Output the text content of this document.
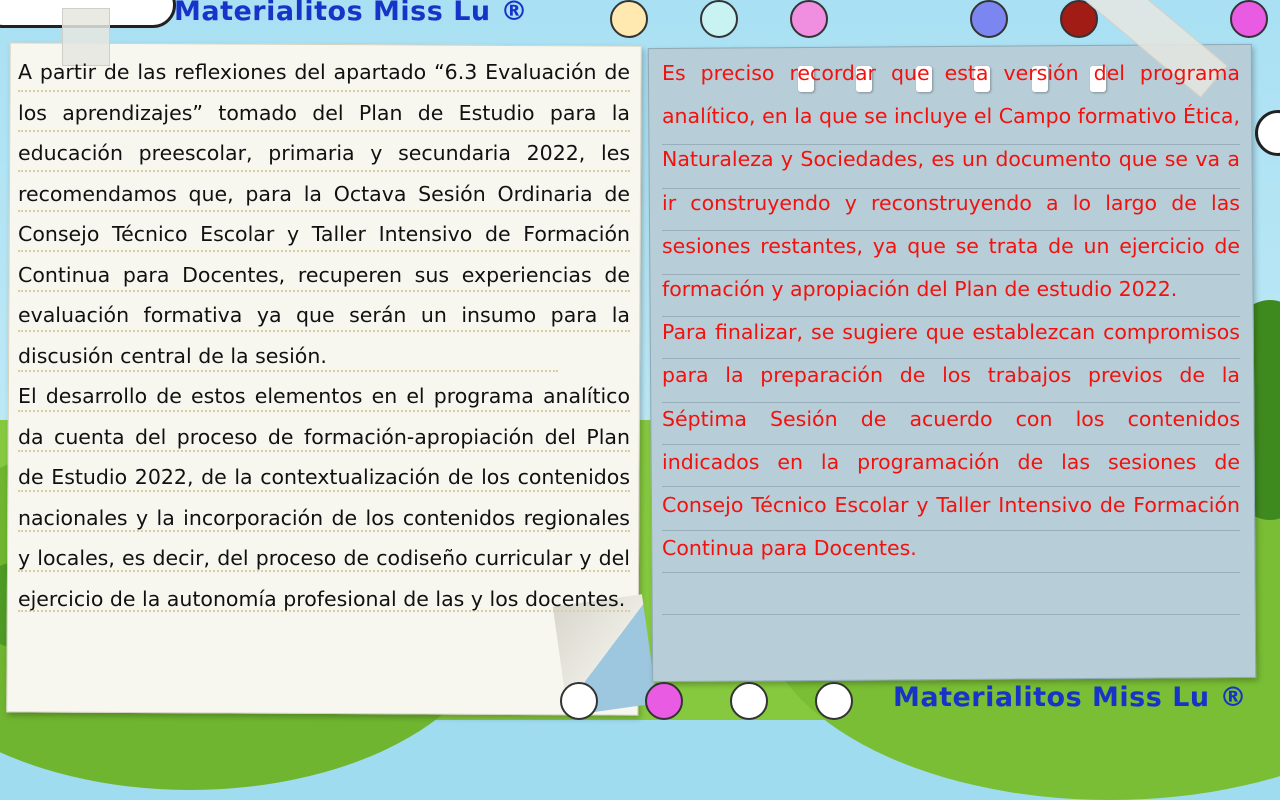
Materialitos Miss Lu ®

A partir de las reflexiones del apartado “6.3 Evaluación de los aprendizajes” tomado del Plan de Estudio para la educación preescolar, primaria y secundaria 2022, les recomendamos que, para la Octava Sesión Ordinaria de Consejo Técnico Escolar y Taller Intensivo de Formación Continua para Docentes, recuperen sus experiencias de evaluación formativa ya que serán un insumo para la discusión central de la sesión.

El desarrollo de estos elementos en el programa analítico da cuenta del proceso de formación-apropiación del Plan de Estudio 2022, de la contextualización de los contenidos nacionales y la incorporación de los contenidos regionales y locales, es decir, del proceso de codiseño curricular y del ejercicio de la autonomía profesional de las y los docentes.

Es preciso recordar que esta versión del programa analítico, en la que se incluye el Campo formativo Ética, Naturaleza y Sociedades, es un documento que se va a ir construyendo y reconstruyendo a lo largo de las sesiones restantes, ya que se trata de un ejercicio de formación y apropiación del Plan de estudio 2022.

Para finalizar, se sugiere que establezcan compromisos para la preparación de los trabajos previos de la Séptima Sesión de acuerdo con los contenidos indicados en la programación de las sesiones de Consejo Técnico Escolar y Taller Intensivo de Formación Continua para Docentes.

Materialitos Miss Lu ®
